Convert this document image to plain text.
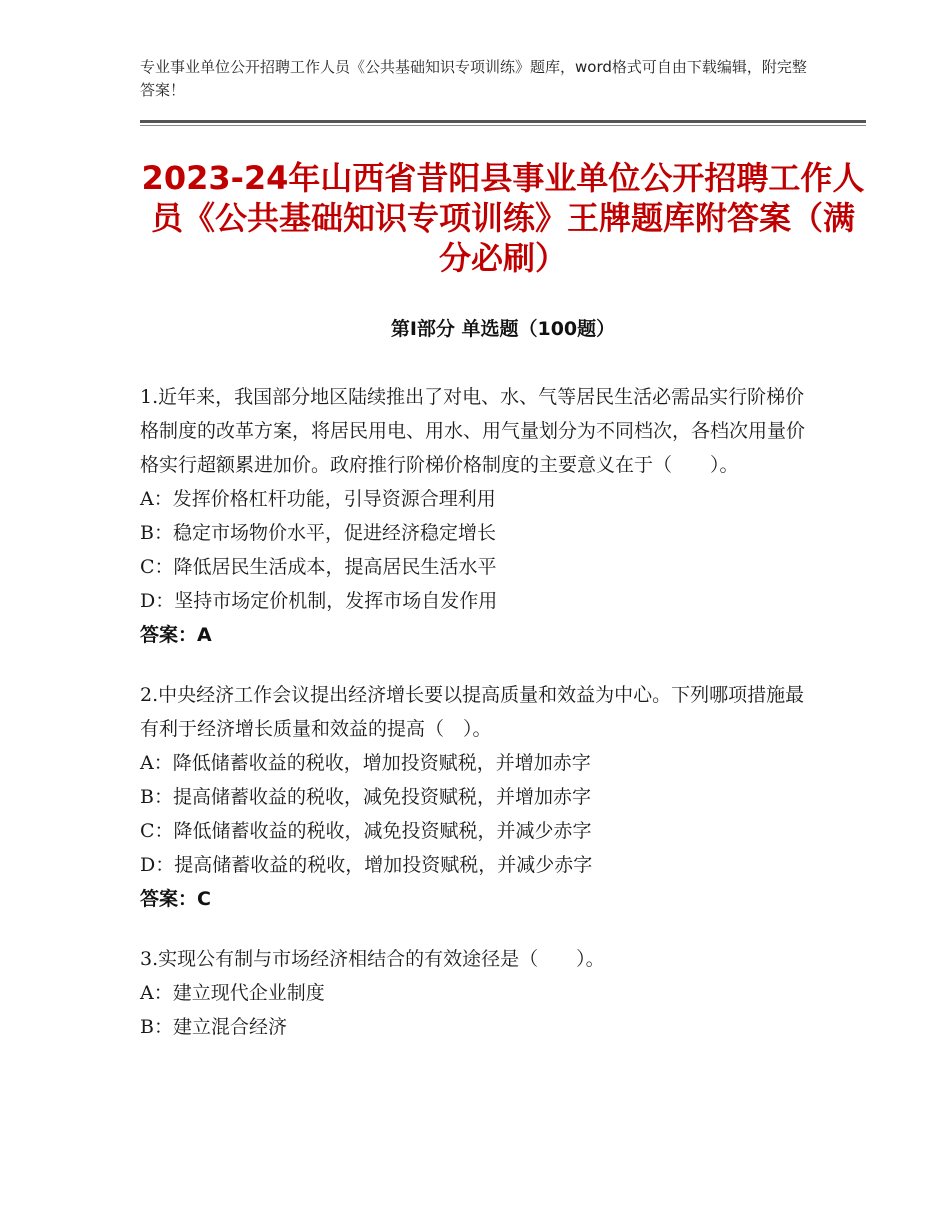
专业事业单位公开招聘工作人员《公共基础知识专项训练》题库，word格式可自由下载编辑，附完整答案！
2023-24年山西省昔阳县事业单位公开招聘工作人员《公共基础知识专项训练》王牌题库附答案（满分必刷）
第I部分 单选题（100题）
1.近年来，我国部分地区陆续推出了对电、水、气等居民生活必需品实行阶梯价格制度的改革方案，将居民用电、用水、用气量划分为不同档次，各档次用量价格实行超额累进加价。政府推行阶梯价格制度的主要意义在于（　　）。
A：发挥价格杠杆功能，引导资源合理利用
B：稳定市场物价水平，促进经济稳定增长
C：降低居民生活成本，提高居民生活水平
D：坚持市场定价机制，发挥市场自发作用
答案：A
2.中央经济工作会议提出经济增长要以提高质量和效益为中心。下列哪项措施最有利于经济增长质量和效益的提高（　）。
A：降低储蓄收益的税收，增加投资赋税，并增加赤字
B：提高储蓄收益的税收，减免投资赋税，并增加赤字
C：降低储蓄收益的税收，减免投资赋税，并减少赤字
D：提高储蓄收益的税收，增加投资赋税，并减少赤字
答案：C
3.实现公有制与市场经济相结合的有效途径是（　　）。
A：建立现代企业制度
B：建立混合经济
